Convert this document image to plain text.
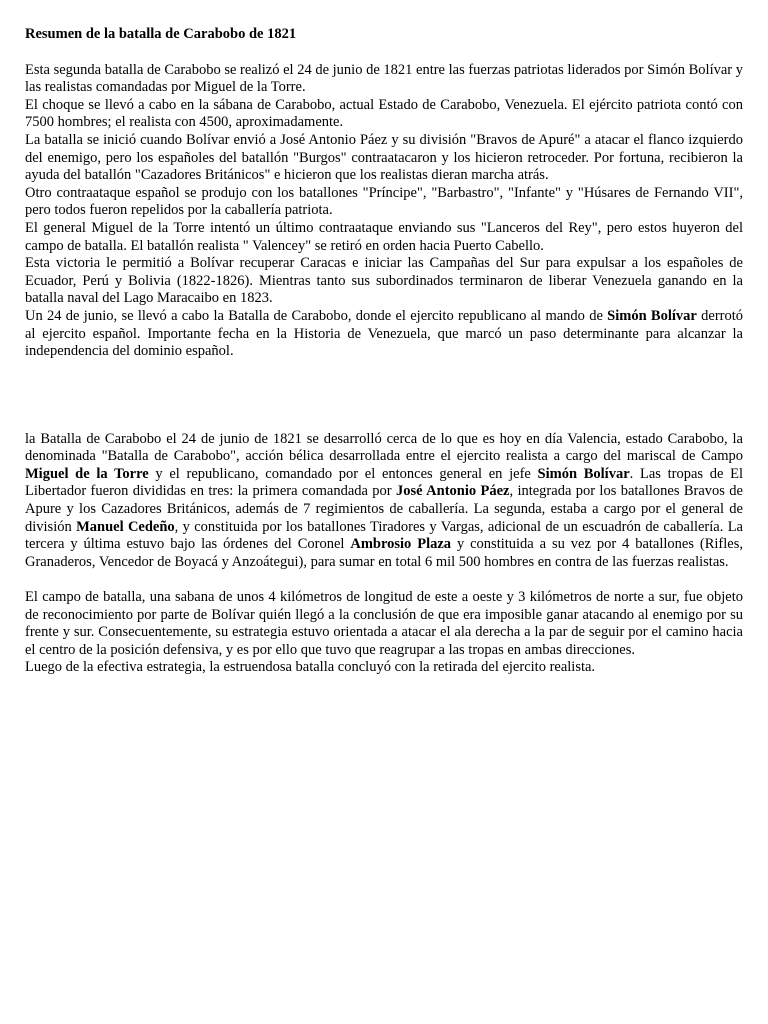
Resumen de la batalla de Carabobo de 1821

Esta segunda batalla de Carabobo se realizó el 24 de junio de 1821 entre las fuerzas patriotas liderados por Simón Bolívar y las realistas comandadas por Miguel de la Torre.

El choque se llevó a cabo en la sábana de Carabobo, actual Estado de Carabobo, Venezuela. El ejército patriota contó con 7500 hombres; el realista con 4500, aproximadamente.

La batalla se inició cuando Bolívar envió a José Antonio Páez y su división "Bravos de Apuré" a atacar el flanco izquierdo del enemigo, pero los españoles del batallón "Burgos" contraatacaron y los hicieron retroceder. Por fortuna, recibieron la ayuda del batallón "Cazadores Británicos" e hicieron que los realistas dieran marcha atrás.

Otro contraataque español se produjo con los batallones "Príncipe", "Barbastro", "Infante" y "Húsares de Fernando VII", pero todos fueron repelidos por la caballería patriota.

El general Miguel de la Torre intentó un último contraataque enviando sus "Lanceros del Rey", pero estos huyeron del campo de batalla. El batallón realista " Valencey" se retiró en orden hacia Puerto Cabello.

Esta victoria le permitió a Bolívar recuperar Caracas e iniciar las Campañas del Sur para expulsar a los españoles de Ecuador, Perú y Bolivia (1822-1826). Mientras tanto sus subordinados terminaron de liberar Venezuela ganando en la batalla naval del Lago Maracaibo en 1823.

Un 24 de junio, se llevó a cabo la Batalla de Carabobo, donde el ejercito republicano al mando de Simón Bolívar derrotó al ejercito español. Importante fecha en la Historia de Venezuela, que marcó un paso determinante para alcanzar la independencia del dominio español.

la Batalla de Carabobo el 24 de junio de 1821 se desarrolló cerca de lo que es hoy en día Valencia, estado Carabobo, la denominada "Batalla de Carabobo", acción bélica desarrollada entre el ejercito realista a cargo del mariscal de Campo Miguel de la Torre y el republicano, comandado por el entonces general en jefe Simón Bolívar. Las tropas de El Libertador fueron divididas en tres: la primera comandada por José Antonio Páez, integrada por los batallones Bravos de Apure y los Cazadores Británicos, además de 7 regimientos de caballería. La segunda, estaba a cargo por el general de división Manuel Cedeño, y constituida por los batallones Tiradores y Vargas, adicional de un escuadrón de caballería. La tercera y última estuvo bajo las órdenes del Coronel Ambrosio Plaza y constituida a su vez por 4 batallones (Rifles, Granaderos, Vencedor de Boyacá y Anzoátegui), para sumar en total 6 mil 500 hombres en contra de las fuerzas realistas.

El campo de batalla, una sabana de unos 4 kilómetros de longitud de este a oeste y 3 kilómetros de norte a sur, fue objeto de reconocimiento por parte de Bolívar quién llegó a la conclusión de que era imposible ganar atacando al enemigo por su frente y sur. Consecuentemente, su estrategia estuvo orientada a atacar el ala derecha a la par de seguir por el camino hacia el centro de la posición defensiva, y es por ello que tuvo que reagrupar a las tropas en ambas direcciones.

Luego de la efectiva estrategia, la estruendosa batalla concluyó con la retirada del ejercito realista.
